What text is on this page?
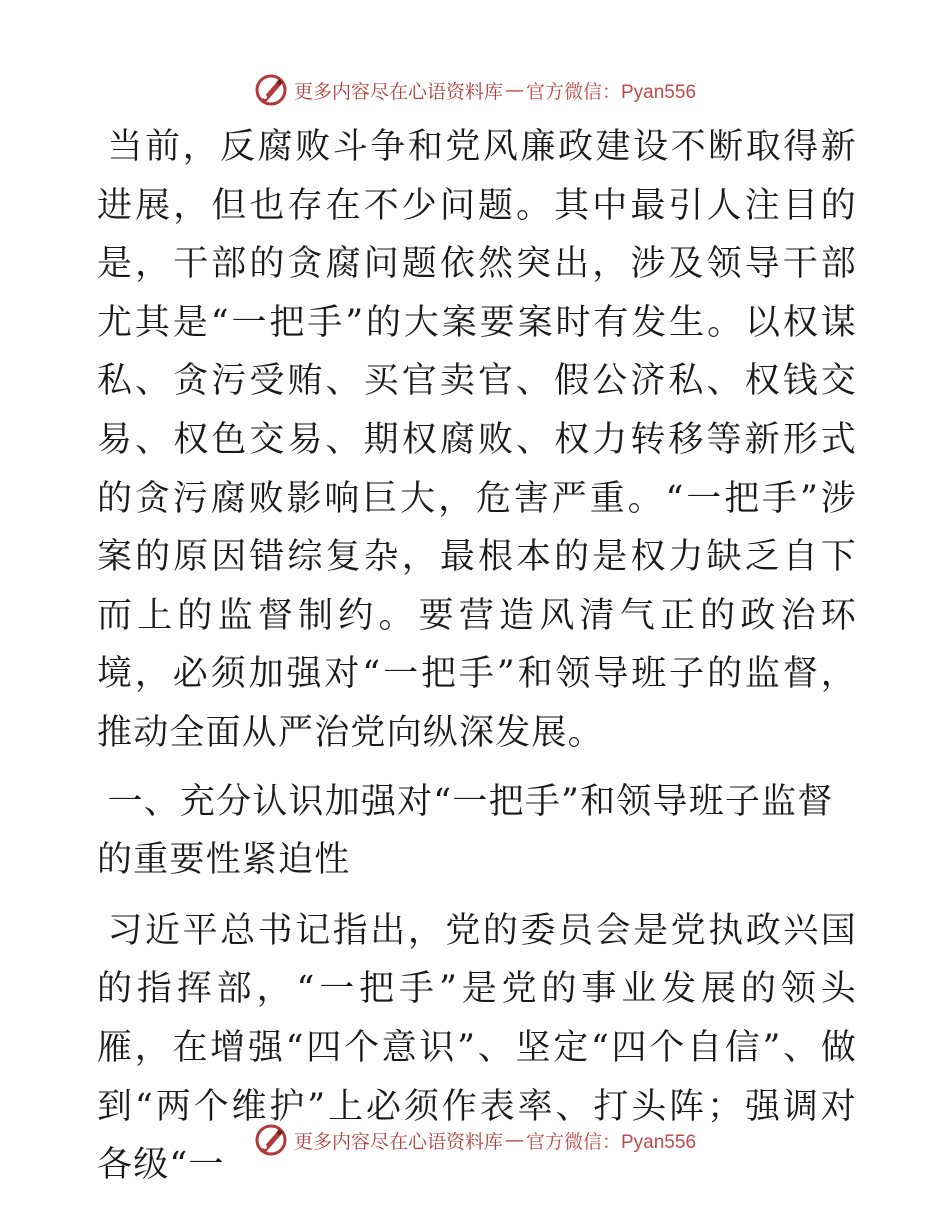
更多内容尽在心语资料库 — 官方微信：Pyan556

当前，反腐败斗争和党风廉政建设不断取得新进展，但也存在不少问题。其中最引人注目的是，干部的贪腐问题依然突出，涉及领导干部尤其是“一把手”的大案要案时有发生。以权谋私、贪污受贿、买官卖官、假公济私、权钱交易、权色交易、期权腐败、权力转移等新形式的贪污腐败影响巨大，危害严重。“一把手”涉案的原因错综复杂，最根本的是权力缺乏自下而上的监督制约。要营造风清气正的政治环境，必须加强对“一把手”和领导班子的监督，推动全面从严治党向纵深发展。

一、充分认识加强对“一把手”和领导班子监督的重要性紧迫性

习近平总书记指出，党的委员会是党执政兴国的指挥部，“一把手”是党的事业发展的领头雁，在增强“四个意识”、坚定“四个自信”、做到“两个维护”上必须作表率、打头阵；强调对各级“一

更多内容尽在心语资料库 — 官方微信：Pyan556
